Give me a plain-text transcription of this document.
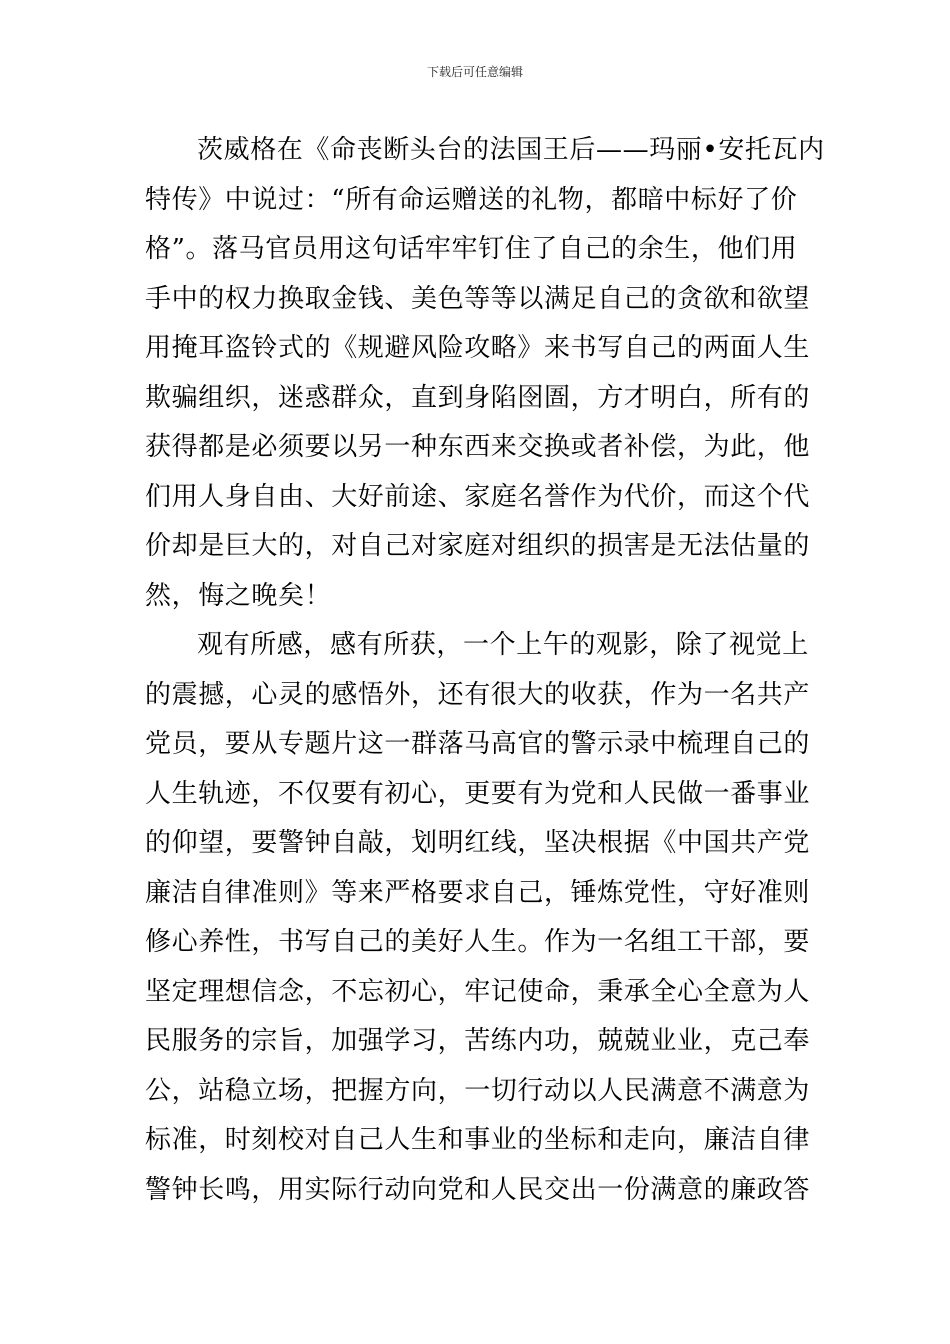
下载后可任意编辑
茨威格在《命丧断头台的法国王后——玛丽•安托瓦内
特传》中说过：“所有命运赠送的礼物，都暗中标好了价
格”。落马官员用这句话牢牢钉住了自己的余生，他们用
手中的权力换取金钱、美色等等以满足自己的贪欲和欲望
用掩耳盗铃式的《规避风险攻略》来书写自己的两面人生
欺骗组织，迷惑群众，直到身陷囹圄，方才明白，所有的
获得都是必须要以另一种东西来交换或者补偿，为此，他
们用人身自由、大好前途、家庭名誉作为代价，而这个代
价却是巨大的，对自己对家庭对组织的损害是无法估量的
然，悔之晚矣！
观有所感，感有所获，一个上午的观影，除了视觉上
的震撼，心灵的感悟外，还有很大的收获，作为一名共产
党员，要从专题片这一群落马高官的警示录中梳理自己的
人生轨迹，不仅要有初心，更要有为党和人民做一番事业
的仰望，要警钟自敲，划明红线，坚决根据《中国共产党
廉洁自律准则》等来严格要求自己，锤炼党性，守好准则
修心养性，书写自己的美好人生。作为一名组工干部，要
坚定理想信念，不忘初心，牢记使命，秉承全心全意为人
民服务的宗旨，加强学习，苦练内功，兢兢业业，克己奉
公，站稳立场，把握方向，一切行动以人民满意不满意为
标准，时刻校对自己人生和事业的坐标和走向，廉洁自律
警钟长鸣，用实际行动向党和人民交出一份满意的廉政答
